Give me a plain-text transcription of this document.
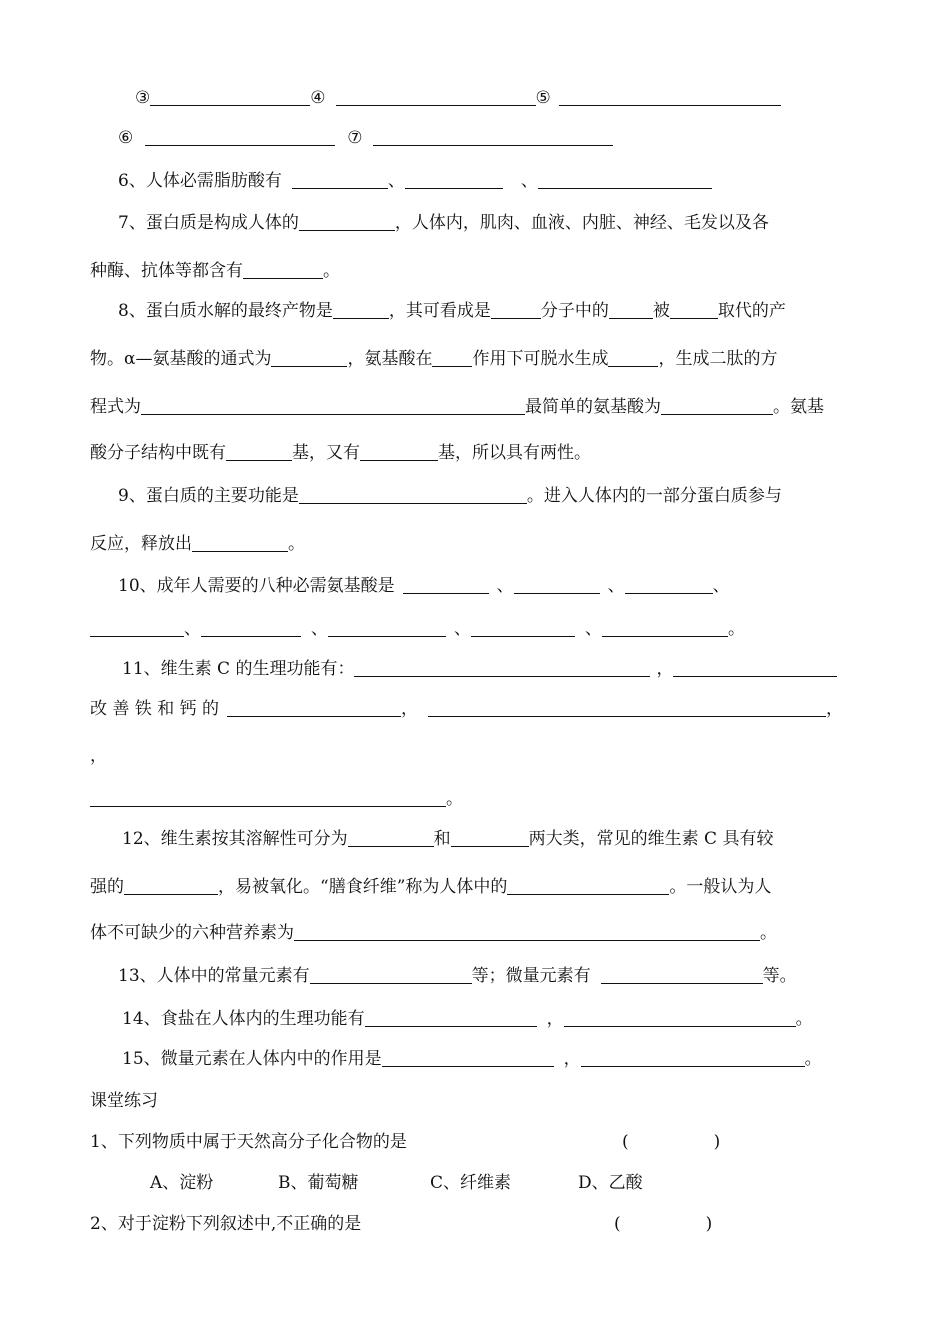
③	④	⑤
⑥	⑦
6、人体必需脂肪酸有	、	、
7、蛋白质是构成人体的	，人体内，肌肉、血液、内脏、神经、毛发以及各
种酶、抗体等都含有	。
8、蛋白质水解的最终产物是	，其可看成是	分子中的	被	取代的产
物。α—氨基酸的通式为	，氨基酸在 作用下可脱水生成	，生成二肽的方
程式为	最简单的氨基酸为	。氨基
酸分子结构中既有	基，又有	基，所以具有两性。
9、蛋白质的主要功能是	。进入人体内的一部分蛋白质参与
反应，释放出	。
10、成年人需要的八种必需氨基酸是	、	、	、
、	、	、	、	。
11、维生素 C 的生理功能有：	，
改 善 铁 和 钙 的	，	，
，
。
12、维生素按其溶解性可分为	和	两大类，常见的维生素 C 具有较
强的	，易被氧化。“膳食纤维”称为人体中的	。一般认为人
体不可缺少的六种营养素为	。
13、人体中的常量元素有	等；微量元素有	等。
14、食盐在人体内的生理功能有	，	。
15、微量元素在人体内中的作用是	，	。
课堂练习
1、下列物质中属于天然高分子化合物的是	(　　　　　)
A、淀粉	B、葡萄糖	C、纤维素	D、乙酸
2、对于淀粉下列叙述中,不正确的是	(　　　　　)
